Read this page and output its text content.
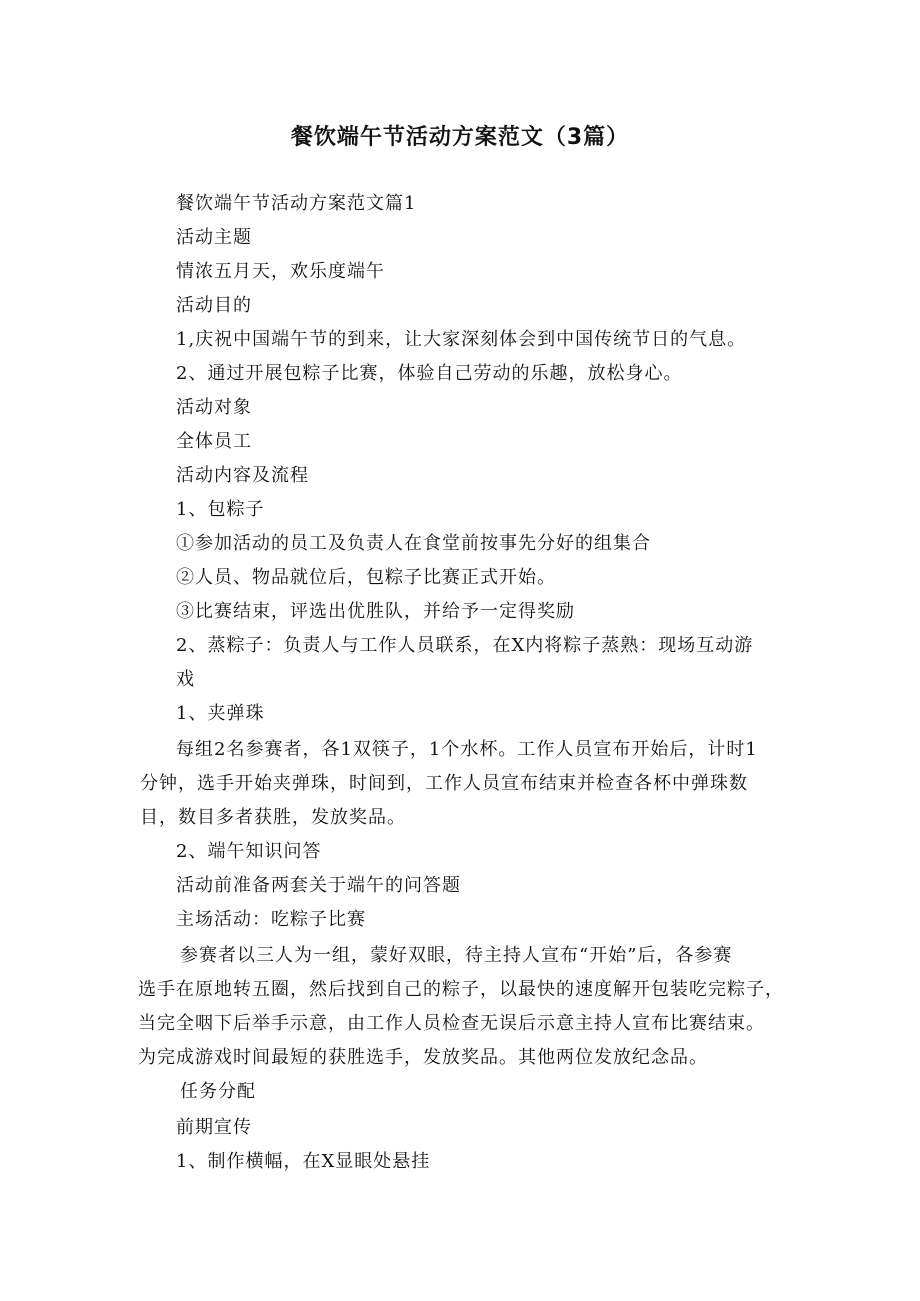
餐饮端午节活动方案范文（3篇）
餐饮端午节活动方案范文篇1
活动主题
情浓五月天，欢乐度端午
活动目的
1,庆祝中国端午节的到来，让大家深刻体会到中国传统节日的气息。
2、通过开展包粽子比赛，体验自己劳动的乐趣，放松身心。
活动对象
全体员工
活动内容及流程
1、包粽子
①参加活动的员工及负责人在食堂前按事先分好的组集合
②人员、物品就位后，包粽子比赛正式开始。
③比赛结束，评选出优胜队，并给予一定得奖励
2、蒸粽子：负责人与工作人员联系，在X内将粽子蒸熟：现场互动游
戏
1、夹弹珠
每组2名参赛者，各1双筷子，1个水杯。工作人员宣布开始后，计时1
分钟，选手开始夹弹珠，时间到，工作人员宣布结束并检查各杯中弹珠数
目，数目多者获胜，发放奖品。
2、端午知识问答
活动前准备两套关于端午的问答题
主场活动：吃粽子比赛
参赛者以三人为一组，蒙好双眼，待主持人宣布“开始”后，各参赛
选手在原地转五圈，然后找到自己的粽子，以最快的速度解开包装吃完粽子，
当完全咽下后举手示意，由工作人员检查无误后示意主持人宣布比赛结束。
为完成游戏时间最短的获胜选手，发放奖品。其他两位发放纪念品。
任务分配
前期宣传
1、制作横幅，在X显眼处悬挂
